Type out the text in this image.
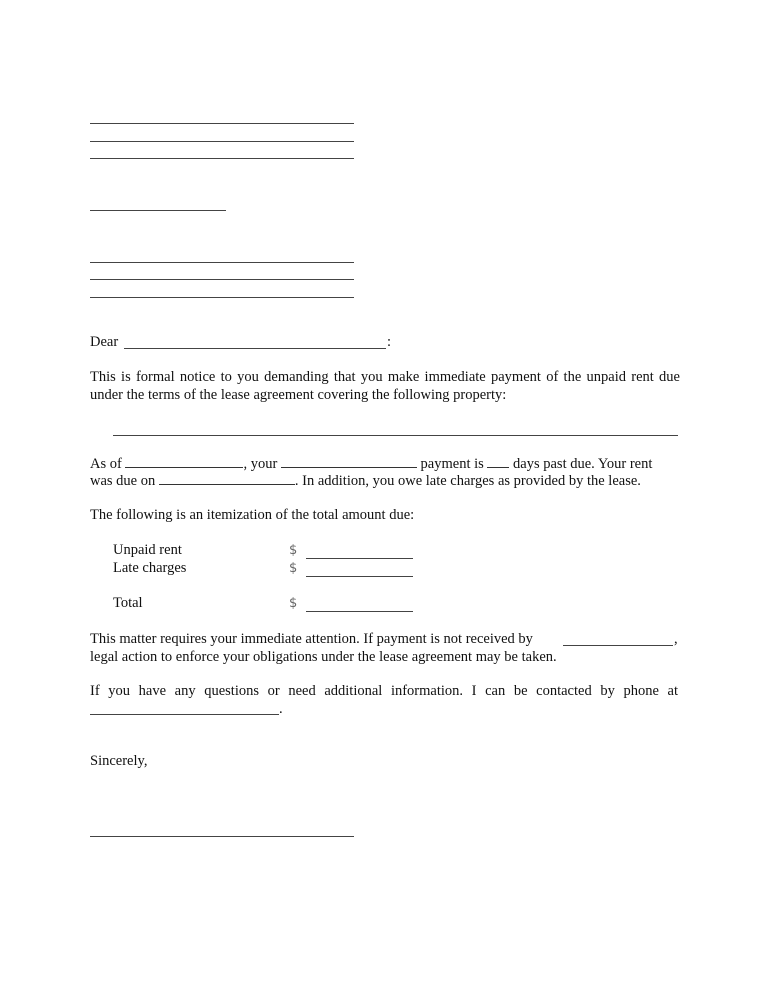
Dear	:
This is formal notice to you demanding that you make immediate payment of the unpaid rent due under the terms of the lease agreement covering the following property:
As of	, your	payment is days past due. Your rent
was due on	. In addition, you owe late charges as provided by the lease.
The following is an itemization of the total amount due:
Unpaid rent	$
Late charges	$
Total	$
This matter requires your immediate attention. If payment is not received by	,
legal action to enforce your obligations under the lease agreement may be taken.
If you have any questions or need additional information. I can be contacted by phone at
.
Sincerely,
